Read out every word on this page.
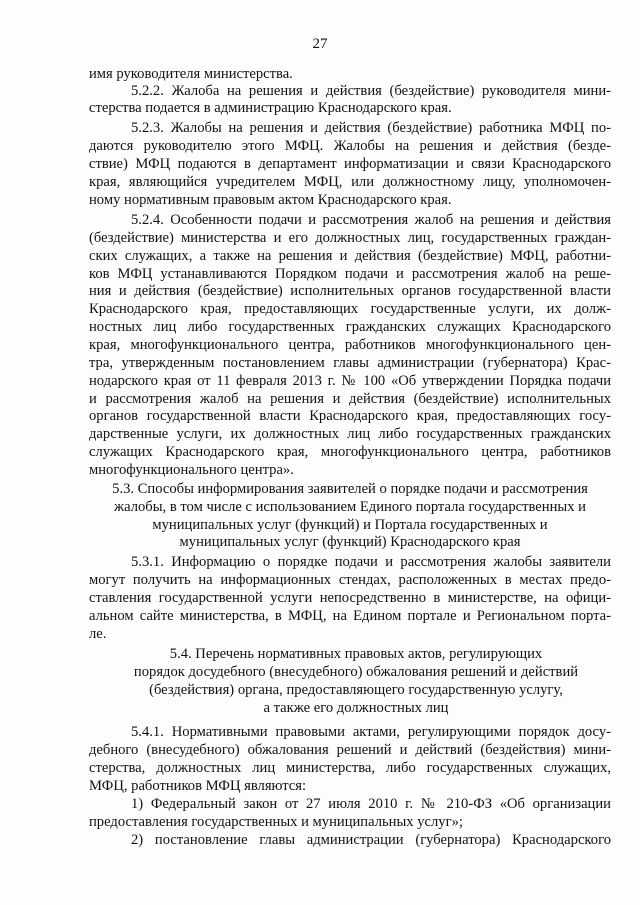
27
имя руководителя министерства.
5.2.2. Жалоба на решения и действия (бездействие) руководителя мини-
стерства подается в администрацию Краснодарского края.
5.2.3. Жалобы на решения и действия (бездействие) работника МФЦ по-
даются руководителю этого МФЦ. Жалобы на решения и действия (безде-
ствие) МФЦ подаются в департамент информатизации и связи Краснодарского
края, являющийся учредителем МФЦ, или должностному лицу, уполномочен-
ному нормативным правовым актом Краснодарского края.
5.2.4. Особенности подачи и рассмотрения жалоб на решения и действия
(бездействие) министерства и его должностных лиц, государственных граждан-
ских служащих, а также на решения и действия (бездействие) МФЦ, работни-
ков МФЦ устанавливаются Порядком подачи и рассмотрения жалоб на реше-
ния и действия (бездействие) исполнительных органов государственной власти
Краснодарского края, предоставляющих государственные услуги, их долж-
ностных лиц либо государственных гражданских служащих Краснодарского
края, многофункционального центра, работников многофункционального цен-
тра, утвержденным постановлением главы администрации (губернатора) Крас-
нодарского края от 11 февраля 2013 г. № 100 «Об утверждении Порядка подачи
и рассмотрения жалоб на решения и действия (бездействие) исполнительных
органов государственной власти Краснодарского края, предоставляющих госу-
дарственные услуги, их должностных лиц либо государственных гражданских
служащих Краснодарского края, многофункционального центра, работников
многофункционального центра».
5.3. Способы информирования заявителей о порядке подачи и рассмотрения
жалобы, в том числе с использованием Единого портала государственных и
муниципальных услуг (функций) и Портала государственных и
муниципальных услуг (функций) Краснодарского края
5.3.1. Информацию о порядке подачи и рассмотрения жалобы заявители
могут получить на информационных стендах, расположенных в местах предо-
ставления государственной услуги непосредственно в министерстве, на офици-
альном сайте министерства, в МФЦ, на Едином портале и Региональном порта-
ле.
5.4. Перечень нормативных правовых актов, регулирующих
порядок досудебного (внесудебного) обжалования решений и действий
(бездействия) органа, предоставляющего государственную услугу,
а также его должностных лиц
5.4.1. Нормативными правовыми актами, регулирующими порядок досу-
дебного (внесудебного) обжалования решений и действий (бездействия) мини-
стерства, должностных лиц министерства, либо государственных служащих,
МФЦ, работников МФЦ являются:
1) Федеральный закон от 27 июля 2010 г. № 210-ФЗ «Об организации
предоставления государственных и муниципальных услуг»;
2) постановление главы администрации (губернатора) Краснодарского
